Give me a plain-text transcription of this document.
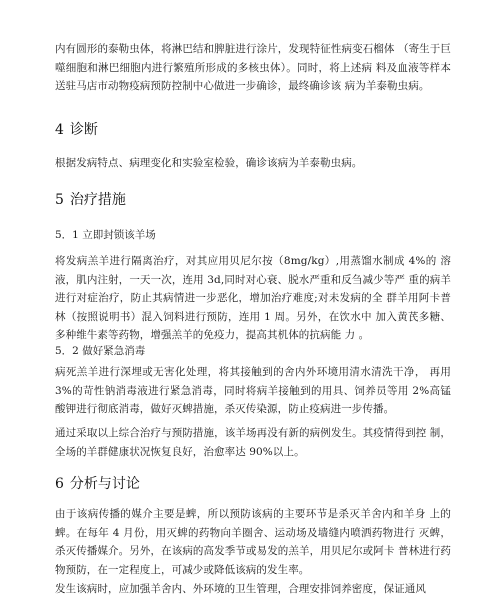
内有圆形的泰勒虫体，将淋巴结和脾脏进行涂片，发现特征性病变石榴体 （寄生于巨噬细胞和淋巴细胞内进行繁殖所形成的多核虫体）。同时，将上述病 料及血液等样本送驻马店市动物疫病预防控制中心做进一步确诊，最终确诊该 病为羊泰勒虫病。

4 诊断

根据发病特点、病理变化和实验室检验，确诊该病为羊泰勒虫病。

5 治疗措施

5．1 立即封锁该羊场

将发病羔羊进行隔离治疗，对其应用贝尼尔按（8mg/kg）,用蒸馏水制成 4%的 溶液，肌内注射，一天一次，连用 3d,同时对心衰、脱水严重和反刍减少等严 重的病羊进行对症治疗，防止其病情进一步恶化，增加治疗难度;对未发病的全 群羊用阿卡普林（按照说明书）混入饲料进行预防，连用 1 周。另外，在饮水中 加入黄芪多糖、多种维牛素等药物，增强羔羊的免疫力，提高其机体的抗病能 力 。

5．2 做好紧急消毒

病死羔羊进行深埋或无害化处理，将其接触到的舍内外环境用清水清洗干净， 再用 3%的苛性钠消毒液进行紧急消毒，同时将病羊接触到的用具、饲养员等用 2%高锰酸钾进行彻底消毒，做好灭蜱措施，杀灭传染源，防止疫病进一步传播。

通过采取以上综合治疗与预防措施，该羊场再没有新的病例发生。其疫情得到控 制，全场的羊群健康状况恢复良好，治愈率达 90%以上。

6 分析与讨论

由于该病传播的媒介主要是蜱，所以预防该病的主要环节是杀灭羊舍内和羊身 上的蜱。在每年 4 月份，用灭蜱的药物向羊圈舍、运动场及墙缝内喷洒药物进行 灭蜱，杀灭传播媒介。另外，在该病的高发季节或易发的羔羊，用贝尼尔或阿卡 普林进行药物预防，在一定程度上，可减少或降低该病的发生率。

发生该病时，应加强羊舍内、外环境的卫生管理，合理安排饲养密度，保证通风
